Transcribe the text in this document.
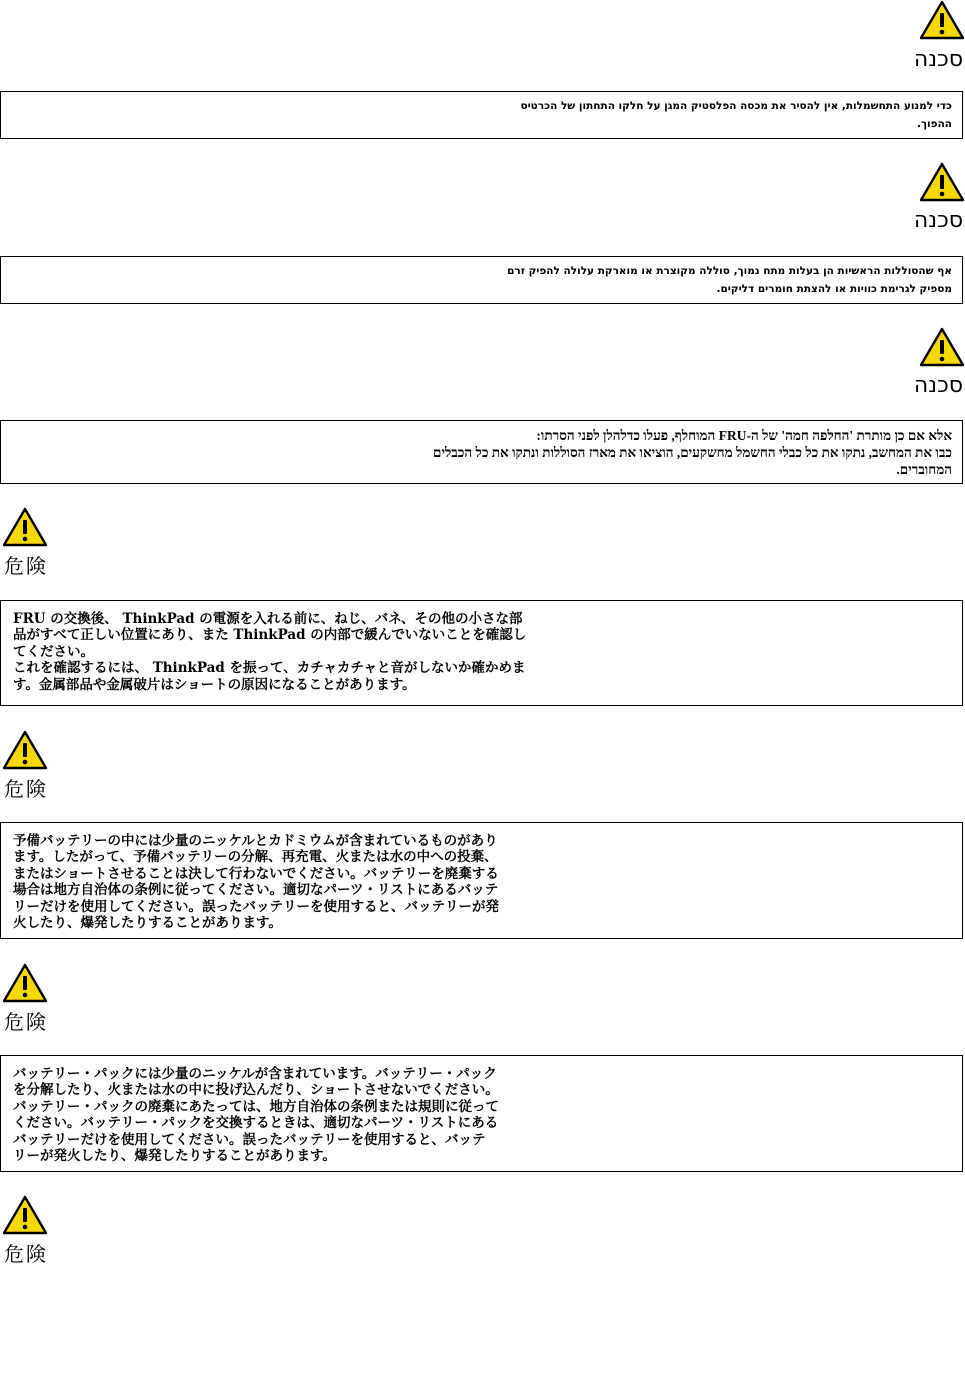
סכנה
כדי למנוע התחשמלות, אין להסיר את מכסה הפלסטיק המגן על חלקו התחתון של הכרטיס
ההפוך.
סכנה
אף שהסוללות הראשיות הן בעלות מתח נמוך, סוללה מקוצרת או מוארקת עלולה להפיק זרם
מספיק לגרימת כוויות או להצתת חומרים דליקים.
סכנה
אלא אם כן מותרת 'החלפה חמה' של ה-FRU המוחלף, פעלו כדלהלן לפני הסרתו:
כבו את המחשב, נתקו את כל כבלי החשמל מחשקעים, הוציאו את מארז הסוללות ונתקו את כל הכבלים
המחוברים.
危険
FRU の交換後、 ThinkPad の電源を入れる前に、ねじ、バネ、その他の小さな部
品がすべて正しい位置にあり、また ThinkPad の内部で緩んでいないことを確認し
てください。
これを確認するには、 ThinkPad を振って、カチャカチャと音がしないか確かめま
す。金属部品や金属破片はショートの原因になることがあります。
危険
予備バッテリーの中には少量のニッケルとカドミウムが含まれているものがあり
ます。したがって、予備バッテリーの分解、再充電、火または水の中への投棄、
またはショートさせることは決して行わないでください。バッテリーを廃棄する
場合は地方自治体の条例に従ってください。適切なパーツ・リストにあるバッテ
リーだけを使用してください。誤ったバッテリーを使用すると、バッテリーが発
火したり、爆発したりすることがあります。
危険
バッテリー・パックには少量のニッケルが含まれています。バッテリー・パック
を分解したり、火または水の中に投げ込んだり、ショートさせないでください。
バッテリー・パックの廃棄にあたっては、地方自治体の条例または規則に従って
ください。バッテリー・パックを交換するときは、適切なパーツ・リストにある
バッテリーだけを使用してください。誤ったバッテリーを使用すると、バッテ
リーが発火したり、爆発したりすることがあります。
危険
